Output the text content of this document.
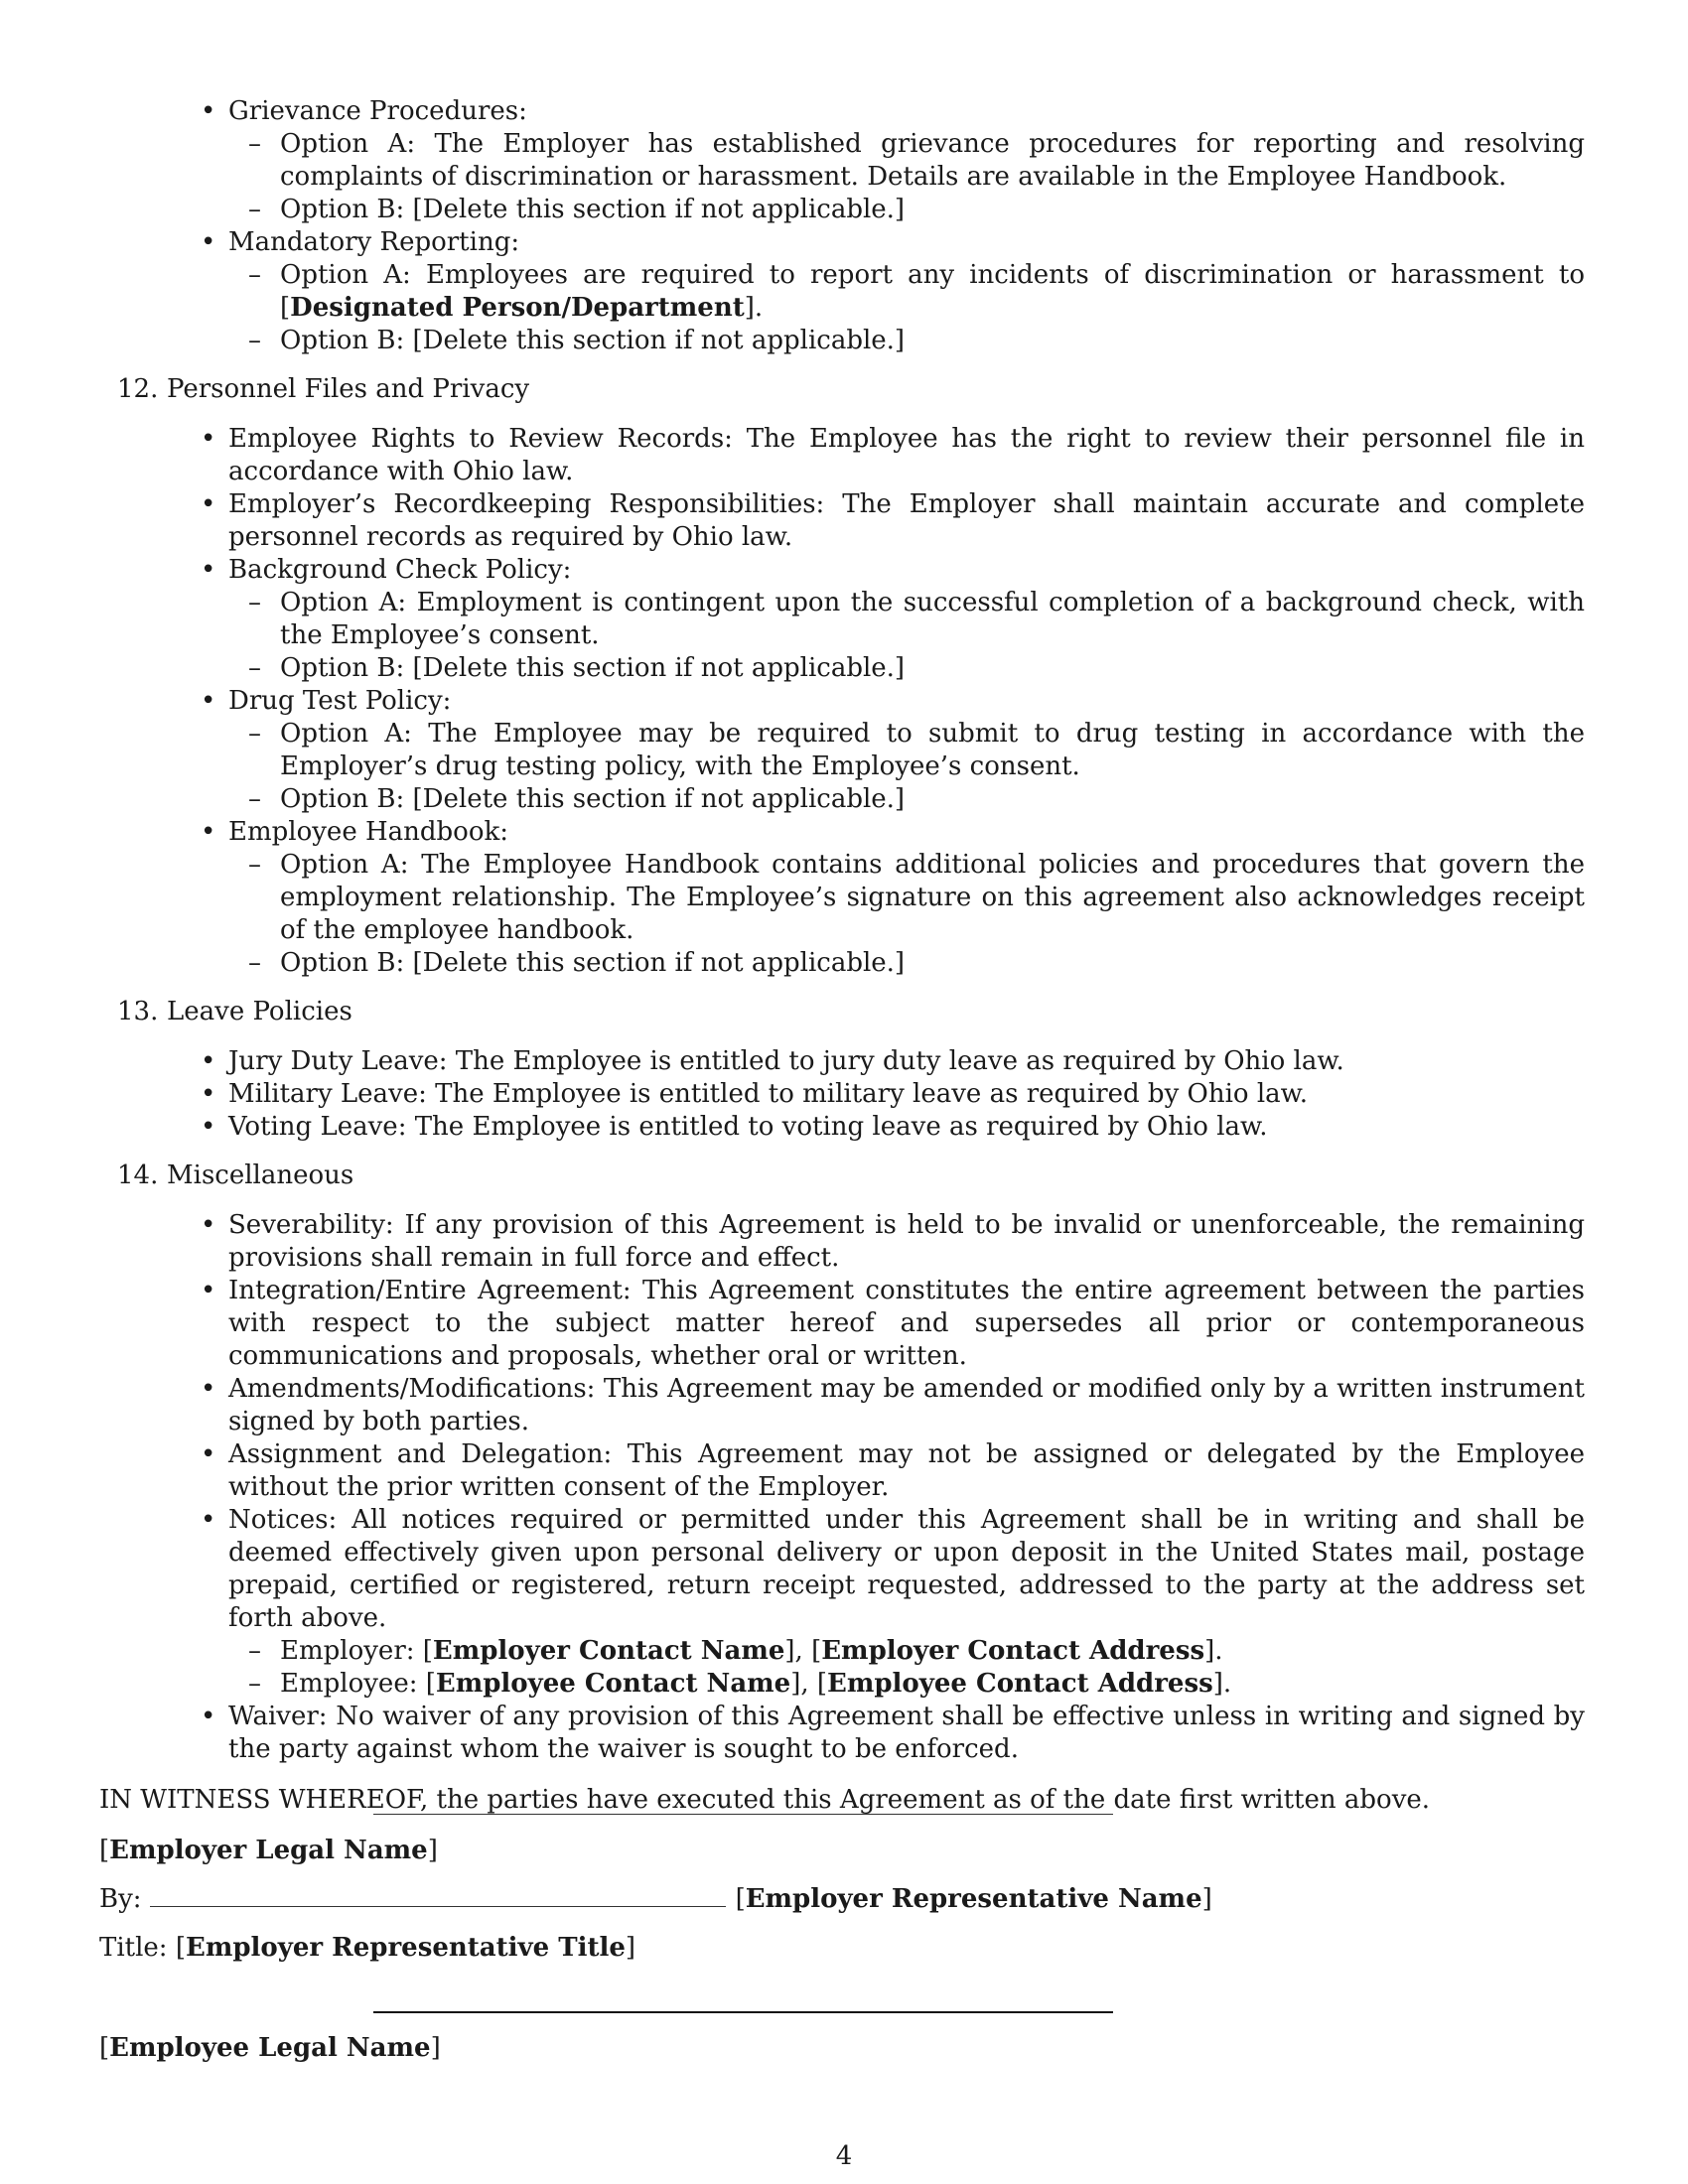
• Grievance Procedures:
– Option A: The Employer has established grievance procedures for reporting and resolving complaints of discrimination or harassment. Details are available in the Employee Handbook.
– Option B: [Delete this section if not applicable.]
• Mandatory Reporting:
– Option A: Employees are required to report any incidents of discrimination or harassment to [Designated Person/Department].
– Option B: [Delete this section if not applicable.]
12. Personnel Files and Privacy
• Employee Rights to Review Records: The Employee has the right to review their personnel file in accordance with Ohio law.
• Employer’s Recordkeeping Responsibilities: The Employer shall maintain accurate and complete personnel records as required by Ohio law.
• Background Check Policy:
– Option A: Employment is contingent upon the successful completion of a background check, with the Employee’s consent.
– Option B: [Delete this section if not applicable.]
• Drug Test Policy:
– Option A: The Employee may be required to submit to drug testing in accordance with the Employer’s drug testing policy, with the Employee’s consent.
– Option B: [Delete this section if not applicable.]
• Employee Handbook:
– Option A: The Employee Handbook contains additional policies and procedures that govern the employment relationship. The Employee’s signature on this agreement also acknowledges receipt of the employee handbook.
– Option B: [Delete this section if not applicable.]
13. Leave Policies
• Jury Duty Leave: The Employee is entitled to jury duty leave as required by Ohio law.
• Military Leave: The Employee is entitled to military leave as required by Ohio law.
• Voting Leave: The Employee is entitled to voting leave as required by Ohio law.
14. Miscellaneous
• Severability: If any provision of this Agreement is held to be invalid or unenforceable, the remaining provisions shall remain in full force and effect.
• Integration/Entire Agreement: This Agreement constitutes the entire agreement between the parties with respect to the subject matter hereof and supersedes all prior or contemporaneous communications and proposals, whether oral or written.
• Amendments/Modifications: This Agreement may be amended or modified only by a written instrument signed by both parties.
• Assignment and Delegation: This Agreement may not be assigned or delegated by the Employee without the prior written consent of the Employer.
• Notices: All notices required or permitted under this Agreement shall be in writing and shall be deemed effectively given upon personal delivery or upon deposit in the United States mail, postage prepaid, certified or registered, return receipt requested, addressed to the party at the address set forth above.
– Employer: [Employer Contact Name], [Employer Contact Address].
– Employee: [Employee Contact Name], [Employee Contact Address].
• Waiver: No waiver of any provision of this Agreement shall be effective unless in writing and signed by the party against whom the waiver is sought to be enforced.
IN WITNESS WHEREOF, the parties have executed this Agreement as of the date first written above.
[Employer Legal Name]
By:	[Employer Representative Name]
Title: [Employer Representative Title]
[Employee Legal Name]
4
